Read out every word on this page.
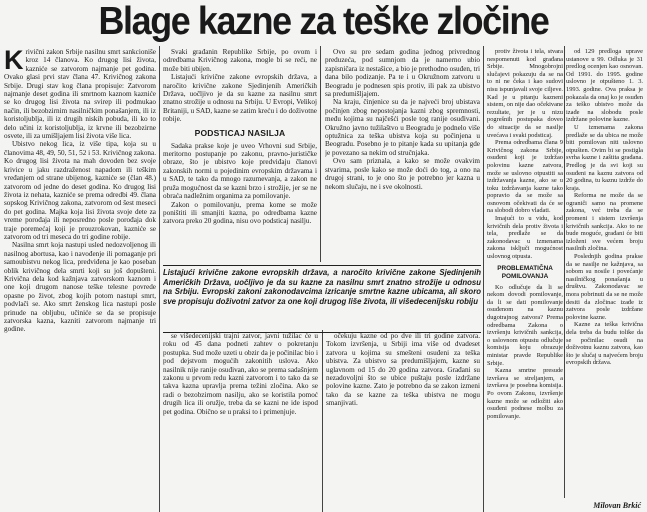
Blage kazne za teške zločine
K rivični zakon Srbije nasilnu smrt sankcioniše kroz 14 članova. Ko drugog lisi života, kazniće se zatvorom najmanje pet godina. Ovako glasi prvi stav člana 47. Krivičnog zakona Srbije. Drugi stav kog člana propisuje: Zatvorom najmanje deset godina ili smrtnom kaznom kazniće se ko drugog lisi života na svirep ili podmukao način, ili bezobzirnim nasilničkim ponašanjem, ili iz koristoljublja, ili iz drugih niskih pobuda, ili ko to delo učini iz koristoljublja, iz krvne ili bezobzirne osvete, ili za umišljajem lisi života više lica.

Ubistvo nekog lica, iz više tipa, koja su u članovima 48, 49, 50, 51, 52 i 53. Krivičnog zakona. Ko drugog lisi života na mah dovoden bez svoje krivice u jaku razdraženost napadom ili teškim vređanjem od strane ubijenog, kazniće se (član 48.) zatvorom od jedne do deset godina. Ko drugog lisi života iz nehata, kazniće se prema odredbi 49. člana sopskog Krivičnog zakona, zatvorom od šest meseci do pet godina. Majka koja lisi života svoje dete za vreme porođaja ili neposredno posle porođaja dok traje poremećaj koji je prouzrokovan, kazniće se zatvorom od tri meseca do tri godine robije.

Nasilna smrt koja nastupi usled nedozvoljenog ili nasilnog abortusa, kao i navođenje ili pomaganje pri samoubistvu nekog lica, predviđena je kao poseban oblik krivičnog dela smrti koji su još dopušteni. Krivična dela kod kažnjava zatvorskom kaznom i one koji drugom nanose teške telesne povrede opasne po život, zbog kojih potom nastupi smrt, podvlači se. Ako smrt ženskog lica nastupi posle prinude na obljubu, učiniće se da se propisuje zatvorska kazna, kazniti zatvorom najmanje tri godine.

Svaki građanin Republike Srbije, po ovom i odredbama Krivičnog zakona, mogle bi se reći, ne može biti ubijen.

Listajući krivične zakone evropskih država, a naročito krivične zakone Sjedinjenih Američkih Država, uočljivo je da su kazne za nasilnu smrt znatno strožije u odnosu na Srbiju. U Evropi, Velikoj Britaniji, u SAD, kazne se zatim kreću i do doživotne robije.

PODSTICAJ NASILJA

Sadaka prakse koje je uveo Vrhovni sud Srbije, meritorno postupanje po zakonu, pravno-jurističke obraze, što je ubistvo koje predviđaju članovi zakonskih normi u pojedinim evropskim državama i u SAD, te tako da mnogo razumevanja, a zakon ne pruža mogućnost da se kazni brzo i strožije, jer se ne obraća nadležnim organima za pomilovanje.

Zakon o pomilovanju, prema kome se može poništiti ili smanjiti kazna, po odredbama kazne zatvora preko 20 godina, nisu ovo podsticaj nasilju.

Ovo su pre sedam godina jednog privrednog preduzeća, pod sumnjom da je namerno ubio zapisničara iz nestašice, a bio je prethodno osuđen, tri dana bilo podizanje. Pa te i u Okružnom zatvoru u Beogradu je podnesen spis protiv, ili pak za ubistvo sa predumišljajem.

Na kraju, činjenice su da je najveći broj ubistava počinjen zbog nepostojanja kazni zbog spremnosti, među kojima su najčešći posle tog ranije osuđivani. Okružno javno tužilaštvo u Beogradu je podnelo više optužnica za teška ubistva koja su počinjena u Beogradu. Posebno je to pitanje kada su upitanja gde je povezano sa nekim od stručnjaka.

Ovo sam priznala, a kako se može ovakvim stvarima, posle kako se može doći do tog, a ono na drugoj strani, to je ono što je potrebno jer kazna u nekom slučaju, ne i sve okolnosti.

Listajući krivične zakone evropskih država, a naročito krivične zakone Sjedinjenih Američkih Država, uočljivo je da su kazne za nasilnu smrt znatno strožije u odnosu na Srbiju. Evropski zakoni zakonodavcima izricanje smrtne kazne ubicama, ali skoro sve propisuju doživotni zatvor za one koji drugog liše života, ili višedecenijsku robiju

se višedecenijski trajni zatvor, javni tužilac će u roku od 45 dana podneti zahtev o pokretanju postupka. Sud može uzeti u obzir da je počinilac bio i pod dejstvom mogućih zakonitih uslova. Ako nasilnik nije ranije osuđivan, ako se prema sadašnjem zakonu u prvom redu kazni zatvorom i to tako da se takva kazna upravlja prema težini zločina. Ako se radi o bezobzirnom nasilju, ako se koristila pomoć drugih lica ili oružje, treba da se kazni ne ide ispod pet godina. Obično se u praksi to i primenjuje.

očekuju kazne od po dve ili tri godine zatvora. Tokom izvršenja, u Srbiji ima više od dvadeset zatvora u kojima su smešteni osuđeni za teška ubistva. Za ubistvo sa predumišljajem, kazne su uglavnom od 15 do 20 godina zatvora. Građani su nezadovoljni što se ubice puštaju posle izdržane polovine kazne. Zato je potrebno da se zakon izmeni tako da se kazne za teška ubistva ne mogu smanjivati.

protiv života i tela, stvara nespomenuti kod građana Srbije. Mnogobrojni slučajevi pokazuju da se na to ni ne čeka i kao sudovi nisu ispunjavali svoje ciljeve. Kad je u pitanju kazneni sistem, on nije dao očekivane rezultate, jer je u nizu pogrešnih postupaka doveo do situacije da se nasilje uvećava i svaki podsticaj.

Prema odredbama člana 9 Krivičnog zakona Srbije, osuđeni koji je izdržao polovinu kazne zatvora, može se uslovno otpustiti sa izdržavanja kazne, ako se u toku izdržavanja kazne tako popravio da se može sa osnovom očekivati da će se na slobodi dobro vladati.

Imajući to u vidu, kod krivičnih dela protiv života i tela, predlaže se da zakonodavac u izmenama zakona isključi mogućnost uslovnog otpusta.

PROBLEMATIČNA POMILOVANJA

Ko odlučuje da li se nekom dovodi pomilovanje, da li se dati pomilovanje osuđenom na kaznu dugotrajnog zatvora? Prema odredbama Zakona o izvršenju krivičnih sankcija, o uslovnom otpustu odlučuje komisija koju obrazuje ministar pravde Republike Srbije.

Kazna smrtne presude izvršava se streljanjem, a izvršava je posebna komisija. Po ovom Zakonu, izvršenje kazne može se odložiti ako osuđeni podnese molbu za pomilovanje.

od 129 predloga uprave ustanove u 99. Odluka je 31 predlog ocenjen kao osnovan. Od 1991. do 1995. godine uslovno je otpušteno 1. 3. 1993. godine. Ova praksa je pokazala da onaj ko je osuđen za teško ubistvo može da izađe na slobodu posle izdržane polovine kazne.

U izmenama zakona predlaže se da ubica ne može biti pomilovan niti uslovno otpušten. Ovim bi se postigla svrha kazne i zaštita građana. Predlog je da svi koji su osuđeni na kaznu zatvora od 20 godina, tu kaznu izdrže do kraja.

Reforma ne može da se ograniči samo na promene zakona, već treba da se promeni i sistem izvršenja krivičnih sankcija. Ako to ne bude moguće, građani će biti izloženi sve većem broju nasilnih zločina.

Poslednjih godina prakse da se nasilje ne kažnjava, sa sobom su nosile i povećanje nasilničkog ponašanja u društvu. Zakonodavac se mora pobrinuti da se ne može desiti da zločinac izađe iz zatvora posle izdržane polovine kazne.

Kazne za teška krivična dela treba da budu tolike da se počinilac osudi na doživotnu kaznu zatvora, kao što je slučaj u najvećem broju evropskih država.

Milovan Brkić
